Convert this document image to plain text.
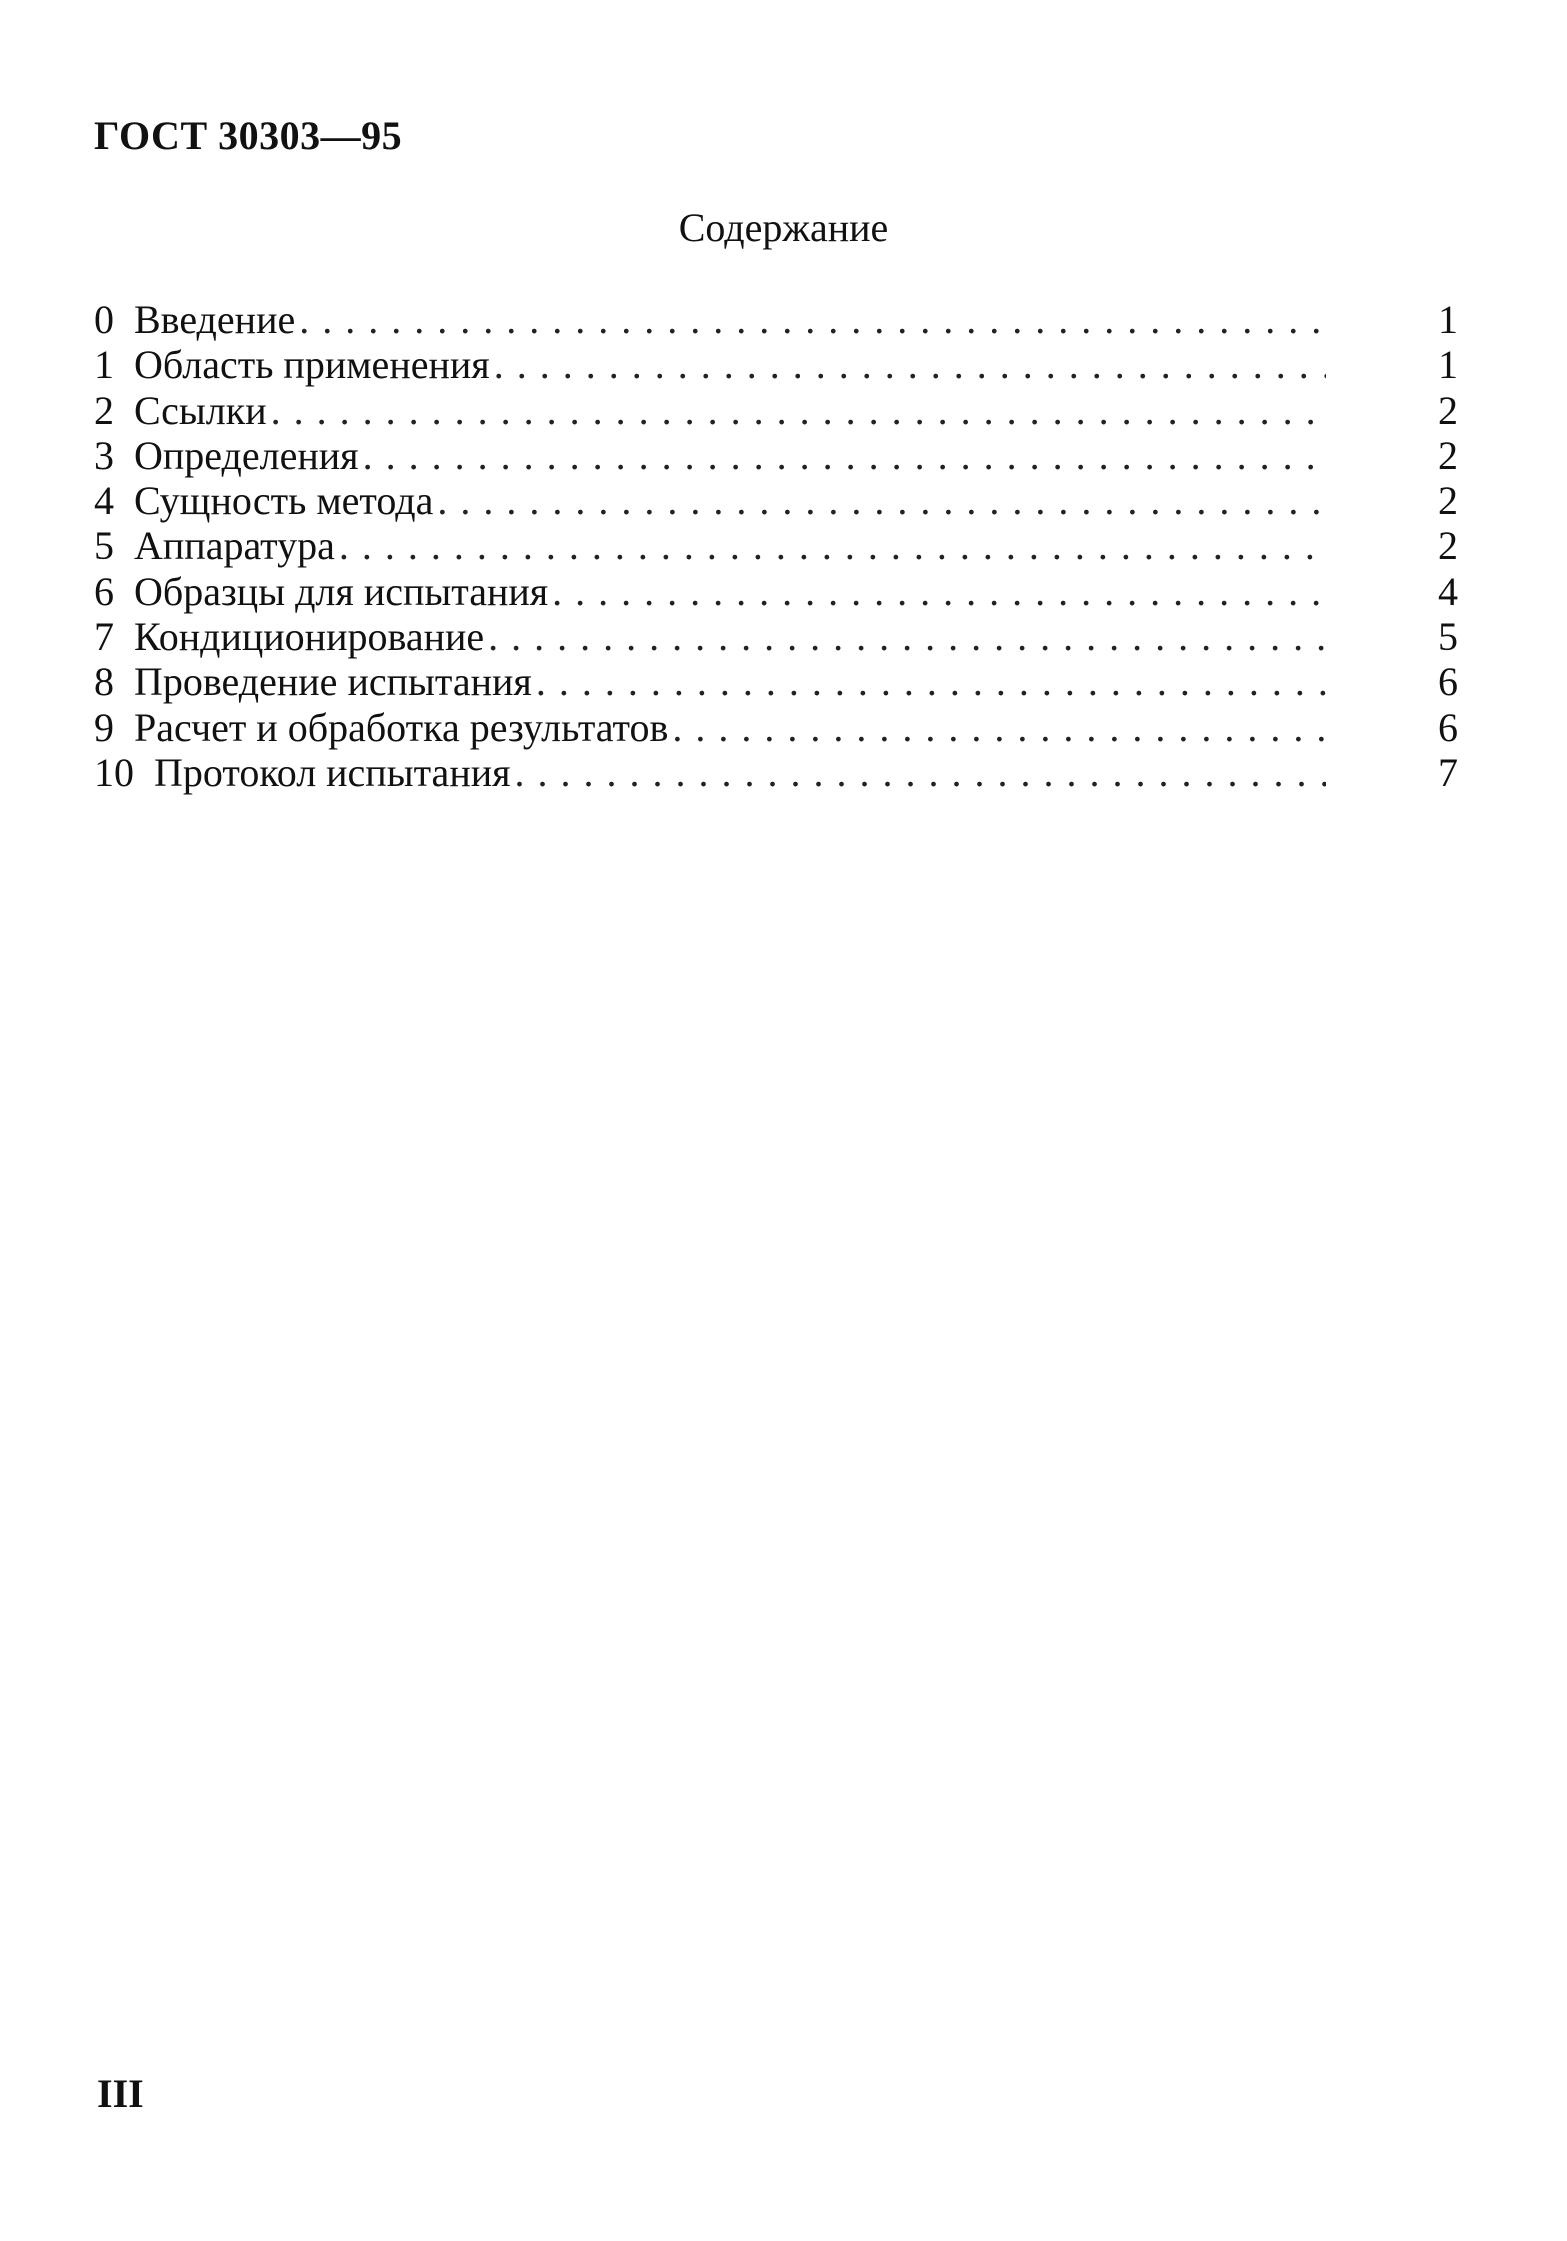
ГОСТ 30303—95
Содержание
0 Введение . . .	1
1 Область применения . . .	1
2 Ссылки . . .	2
3 Определения . . .	2
4 Сущность метода . . .	2
5 Аппаратура . . .	2
6 Образцы для испытания . . .	4
7 Кондиционирование . . .	5
8 Проведение испытания . . .	6
9 Расчет и обработка результатов . . .	6
10 Протокол испытания . . .	7
III
